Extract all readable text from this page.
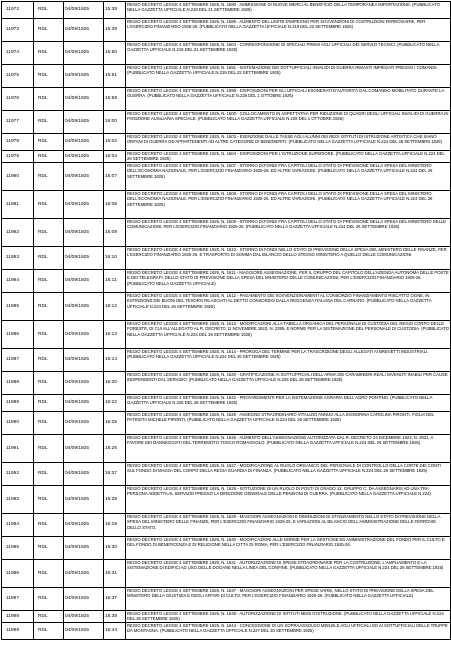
11972	RDL	04/09/1925	15:38	REGIO DECRETO LEGGE 4 SETTEMBRE 1925, N. 1590 - AMMISSIONE DI NUOVE MERCI AL BENEFICIO DELLA TEMPORANEA IMPORTAZIONE. (PUBBLICATO NELLA GAZZETTA UFFICIALE N.218 DEL 21 SETTEMBRE 1925)
11973	RDL	04/09/1925	15:39	REGIO DECRETO LEGGE 4 SETTEMBRE 1925, N. 1595 - AUMENTO DEL LIMITE D'IMPEGNO PER SOVVENZIONI DI COSTRUZIONI FERROVIARIE, PER L'ESERCIZIO FINANZIARIO 1925-26. (PUBBLICATO NELLA GAZZETTA UFFICIALE N.219 DEL 22 SETTEMBRE 1925)
11974	RDL	04/09/1925	15:50	REGIO DECRETO LEGGE 4 SETTEMBRE 1925, N. 1604 - CORRESPONSIONE DI SPECIALI PREMI AGLI UFFICIALI DEI SERVIZI TECNICI. (PUBBLICATO NELLA GAZZETTA UFFICIALE N.219 DEL 21 SETTEMBRE 1925)
11975	RDL	04/09/1925	15:51	REGIO DECRETO LEGGE 4 SETTEMBRE 1925, N. 1591 - SISTEMAZIONE DEI SOTTUFFICIALI INVALIDI DI GUERRA RIMASTI IMPIEGATI PRESSO I COMANDI. (PUBBLICATO NELLA GAZZETTA UFFICIALE N.219 DEL 22 SETTEMBRE 1925)
11976	RDL	04/09/1925	15:59	REGIO DECRETO LEGGE 4 SETTEMBRE 1925, N. 1599 - DISPOSIZIONI PER GLI UFFICIALI ESONERATI D'AUTORITÀ DAL COMANDO MOBILITATO DURANTE LA GUERRA. (PUBBLICATO NELLA GAZZETTA UFFICIALE N.228 DEL 1 OTTOBRE 1925)
11977	RDL	04/09/1925	16:00	REGIO DECRETO LEGGE 4 SETTEMBRE 1925, N. 1600 - COLLOCAMENTO IN ASPETTATIVA PER RIDUZIONE DI QUADRI DEGLI UFFICIALI INVALIDI DI GUERRA IN POSIZIONE AUSILIARIA SPECIALE. (PUBBLICATO NELLA GAZZETTA UFFICIALE N.228 DEL 1 OTTOBRE 1925)
11978	RDL	04/09/1925	16:02	REGIO DECRETO LEGGE 4 SETTEMBRE 1925, N. 1603 - ESENZIONE DALLE TASSE AGLI ALUNNI DEI REGI ISTITUTI DI ISTRUZIONE ARTISTICA CHE SIANO ORFANI DI GUERRA OD APPARTENENTI AD ALTRE CATEGORIE DI BENEMERITI. (PUBBLICATO NELLA GAZZETTA UFFICIALE N.224 DEL 26 SETTEMBRE 1925)
11979	RDL	04/09/1925	16:04	REGIO DECRETO LEGGE 4 SETTEMBRE 1925, N. 1604 - DISPOSIZIONI PER L'ISTRUZIONE SUPERIORE. (PUBBLICATO NELLA GAZZETTA UFFICIALE N.224 DEL 26 SETTEMBRE 1925)
11980	RDL	04/09/1925	16:07	REGIO DECRETO LEGGE 4 SETTEMBRE 1925, N. 1607 - STORNO DI FONDI FRA CAPITOLI DELLO STATO DI PREVISIONE DELLA SPESA DEL MINISTERO DELL'ECONOMIA NAZIONALE, PER L'ESERCIZIO FINANZIARIO 1925-26, ED ALTRE VARIAZIONI. (PUBBLICATO NELLA GAZZETTA UFFICIALE N.224 DEL 26 SETTEMBRE 1925)
11981	RDL	04/09/1925	16:08	REGIO DECRETO LEGGE 4 SETTEMBRE 1925, N. 1608 - STORNO DI FONDI FRA CAPITOLI DELLO STATO DI PREVISIONE DELLA SPESA DEL MINISTERO DELL'ECONOMIA NAZIONALE, PER L'ESERCIZIO FINANZIARIO 1925-26, ED ALTRE VARIAZIONI. (PUBBLICATO NELLA GAZZETTA UFFICIALE N.224 DEL 26 SETTEMBRE 1925)
11982	RDL	04/09/1925	16:09	REGIO DECRETO LEGGE 4 SETTEMBRE 1925, N. 1609 - STORNO DI FONDI FRA CAPITOLI DELLO STATO DI PREVISIONE DELLA SPESA DEL MINISTERO DELLE COMUNICAZIONI, PER L'ESERCIZIO FINANZIARIO 1925-26. (PUBBLICATO NELLA GAZZETTA UFFICIALE N.224 DEL 26 SETTEMBRE 1925)
11983	RDL	04/09/1925	16:10	REGIO DECRETO LEGGE 4 SETTEMBRE 1925, N. 1610 - STORNO DI FONDI NELLO STATO DI PREVISIONE DELLA SPESA DEL MINISTERO DELLE FINANZE, PER L'ESERCIZIO FINANZIARIO 1925-26, E TRASPORTO DI SOMMA DAL BILANCIO DELLO STESSO MINISTERO A QUELLO DELLE COMUNICAZIONI.
11984	RDL	04/09/1925	16:11	REGIO DECRETO LEGGE 4 SETTEMBRE 1925, N. 1611 - MAGGIORE ASSEGNAZIONE, PER IL GRUPPO DEL CAPITOLO DELL'AZIENDA AUTONOMA DELLE POSTE E DEI TELEGRAFI, DELLO STATO DI PREVISIONE DELLA SPESA DEL MINISTERO DELLE COMUNICAZIONI, PER L'ESERCIZIO FINANZIARIO 1925-26. (PUBBLICATO NELLA GAZZETTA UFFICIALE)
11985	RDL	04/09/1925	16:12	REGIO DECRETO LEGGE 4 SETTEMBRE 1925, N. 1612 - PAGAMENTO DEI SOVVENZIONAMENTI AL CONSORZIO FINANZIAMENTO RISCATTO OGNE, IN ESTINZIONE DEI BUONI DEL TESORO RILASCIATI AL DETTO CONSORZIO DALLA REGGENZA ITALIANA DEL CARNARO. (PUBBLICATO NELLA GAZZETTA UFFICIALE N.224 DEL 26 SETTEMBRE 1925)
11986	RDL	04/09/1925	16:13	REGIO DECRETO LEGGE 4 SETTEMBRE 1925, N. 1613 - MODIFICAZIONI ALLA TABELLA ORGANICA DEL PERSONALE DI CUSTODIA DEL REGIO CORPO DELLE FORESTE, DI CUI ALL'ALLEGATO AL R. DECRETO 11 NOVEMBRE 1923, N. 2395, E NORME PER LA SISTEMAZIONE DEL PERSONALE DI CUSTODIA. (PUBBLICATO NELLA GAZZETTA UFFICIALE N.224 DEL 26 SETTEMBRE 1925)
11987	RDL	04/09/1925	16:14	REGIO DECRETO LEGGE 4 SETTEMBRE 1925, N. 1614 - PROROGA DEL TERMINE PER LA TRASCRIZIONE DEGLI ALLEGATI AI BREVETTI INDUSTRIALI. (PUBBLICATO NELLA GAZZETTA UFFICIALE N.224 DEL 26 SETTEMBRE 1925)
11988	RDL	04/09/1925	16:20	REGIO DECRETO LEGGE 4 SETTEMBRE 1925, N. 1620 - GRATIFICAZIONE AI SOTTUFFICIALI DELL'ARMA DEI CARABINIERI REALI DIVENUTI INABILI PER CAUSE INDIPENDENTI DAL SERVIZIO. (PUBBLICATO NELLA GAZZETTA UFFICIALE N.225 DEL 28 SETTEMBRE 1925)
11989	RDL	04/09/1925	16:22	REGIO DECRETO LEGGE 4 SETTEMBRE 1925, N. 1622 - PROVVEDIMENTI PER LA SISTEMAZIONE AGRARIA DELL'AGRO PONTINO. (PUBBLICATO NELLA GAZZETTA UFFICIALE N.225 DEL 28 SETTEMBRE 1925)
11990	RDL	04/09/1925	16:25	REGIO DECRETO LEGGE 4 SETTEMBRE 1925, N. 1625 - ASSEGNO STRAORDINARIO VITALIZIO ANNUO ALLA SIGNORINA CAROLINA PIRONTI, FIGLIA DEL PATRIOTA MICHELE PIRONTI. (PUBBLICATO NELLA GAZZETTA UFFICIALE N.224 DEL 26 SETTEMBRE 1925)
11991	RDL	04/09/1925	16:26	REGIO DECRETO LEGGE 4 SETTEMBRE 1925, N. 1626 - AUMENTO DELL'ASSEGNAZIONE AUTORIZZATA DAL R. DECRETO 23 DICEMBRE 1923, N. 2931, A FAVORE DEI DANNEGGIATI DEL TERREMOTO TOSCO-ROMAGNOLO. (PUBBLICATO NELLA GAZZETTA UFFICIALE N.224 DEL 26 SETTEMBRE 1925)
11992	RDL	04/09/1925	16:27	REGIO DECRETO LEGGE 4 SETTEMBRE 1925, N. 1627 - MODIFICAZIONE AL RUOLO ORGANICO DEL PERSONALE DI CONTROLLO DELLA CORTE DEI CONTI SUL FONDO DI MASSA DEL CORPO DELLA REGIA GUARDIA DI FINANZA. (PUBBLICATO NELLA GAZZETTA UFFICIALE N.224 DEL 26 SETTEMBRE 1925)
11993	RDL	04/09/1925	16:28	REGIO DECRETO LEGGE 4 SETTEMBRE 1925, N. 1628 - ISTITUZIONE DI UN RUOLO DI POSTI DI GRADO 12, GRUPPO C, DA ASSEGNARSI AD UNA TRA PERSONA ADDETTA AL SERVIZIO PRESSO LA DIREZIONE GENERALE DELLE PENSIONI DI GUERRA. (PUBBLICATO NELLA GAZZETTA UFFICIALE N.224)
11994	RDL	04/09/1925	16:29	REGIO DECRETO LEGGE 4 SETTEMBRE 1925, N. 1629 - MAGGIORI ASSEGNAZIONI E DIMINUZIONI DI STANZIAMENTO NELLO STATO DI PREVISIONE DELLA SPESA DEL MINISTERO DELLE FINANZE, PER L'ESERCIZIO FINANZIARIO 1925-26, E VARIAZIONI AL BILANCIO DELL'AMMINISTRAZIONE DELLE FERROVIE DELLO STATO.
11995	RDL	04/09/1925	16:30	REGIO DECRETO LEGGE 4 SETTEMBRE 1925, N. 1630 - MODIFICAZIONI ALLE NORME PER LA GESTIONE ED AMMINISTRAZIONE DEL FONDO PER IL CULTO E DEL FONDO DI BENEFICENZA E DI RELIGIONE NELLA CITTÀ DI ROMA, PER L'ESERCIZIO FINANZIARIO 1925-26.
11996	RDL	04/09/1925	16:31	REGIO DECRETO LEGGE 4 SETTEMBRE 1925, N. 1631 - AUTORIZZAZIONE DI SPESE STRAORDINARIE PER LA COSTRUZIONE, L'AMPLIAMENTO E LA SISTEMAZIONE DI EDIFICI AD USO DELLE DOGANE NELLA LINEA DEL CONFINE. (PUBBLICATO NELLA GAZZETTA UFFICIALE N.224 DEL 26 SETTEMBRE 1925)
11997	RDL	04/09/1925	16:37	REGIO DECRETO LEGGE 4 SETTEMBRE 1925, N. 1637 - MAGGIORI ASSEGNAZIONI PER SPESE VARIE, NELLO STATO DI PREVISIONE DELLA SPESA DEL MINISTERO DELLA GIUSTIZIA E DEGLI AFFARI DI CULTO, PER L'ESERCIZIO FINANZIARIO 1925-26. (PUBBLICATO NELLA GAZZETTA UFFICIALE)
11998	RDL	04/09/1925	16:38	REGIO DECRETO LEGGE 4 SETTEMBRE 1925, N. 1638 - AUTORIZZAZIONE DI ISTITUTI MEDI D'ISTRUZIONE. (PUBBLICATO NELLA GAZZETTA UFFICIALE N.224 DEL 26 SETTEMBRE 1925)
11999	RDL	04/09/1925	16:44	REGIO DECRETO LEGGE 4 SETTEMBRE 1925, N. 1644 - CONCESSIONE DI UN SOPRAASSOLDO MENSILE AGLI UFFICIALI ED AI SOTTUFFICIALI DELLE TRUPPE DA MONTAGNA. (PUBBLICATO NELLA GAZZETTA UFFICIALE N.227 DEL 30 SETTEMBRE 1925)
